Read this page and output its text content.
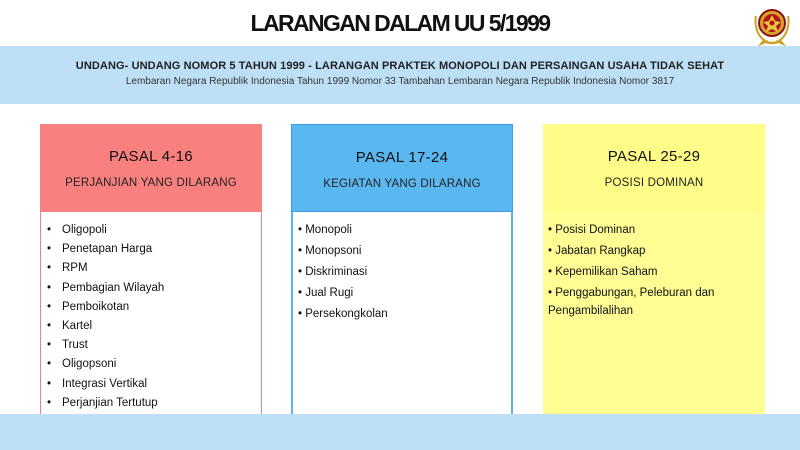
LARANGAN DALAM UU 5/1999
UNDANG- UNDANG NOMOR 5 TAHUN 1999 - LARANGAN PRAKTEK MONOPOLI DAN PERSAINGAN USAHA TIDAK SEHAT
Lembaran Negara Republik Indonesia Tahun 1999 Nomor 33 Tambahan Lembaran Negara Republik Indonesia Nomor 3817
PASAL 4-16
PERJANJIAN YANG DILARANG
• Oligopoli
• Penetapan Harga
• RPM
• Pembagian Wilayah
• Pemboikotan
• Kartel
• Trust
• Oligopsoni
• Integrasi Vertikal
• Perjanjian Tertutup
•
PASAL 17-24
KEGIATAN YANG DILARANG
• Monopoli
• Monopsoni
• Diskriminasi
• Jual Rugi
• Persekongkolan
PASAL 25-29
POSISI DOMINAN
• Posisi Dominan
• Jabatan Rangkap
• Kepemilikan Saham
• Penggabungan, Peleburan dan Pengambilalihan
